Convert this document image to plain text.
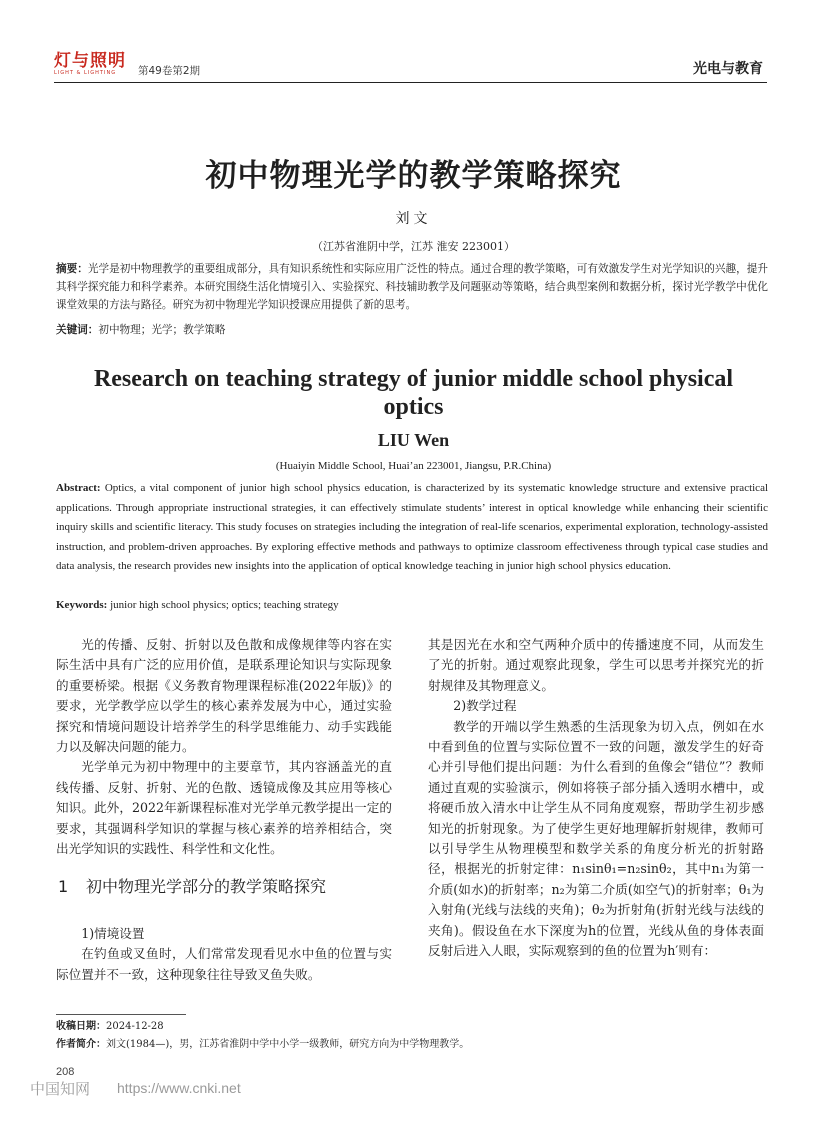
灯与照明
LIGHT & LIGHTING 第49卷第2期	光电与教育
初中物理光学的教学策略探究
刘文
（江苏省淮阴中学，江苏 淮安 223001）
摘要：光学是初中物理教学的重要组成部分，具有知识系统性和实际应用广泛性的特点。通过合理的教学策略，可有效激发学生对光学知识的兴趣，提升其科学探究能力和科学素养。本研究围绕生活化情境引入、实验探究、科技辅助教学及问题驱动等策略，结合典型案例和数据分析，探讨光学教学中优化课堂效果的方法与路径。研究为初中物理光学知识授课应用提供了新的思考。
关键词：初中物理；光学；教学策略
Research on teaching strategy of junior middle school physical optics
LIU Wen
(Huaiyin Middle School, Huai’an 223001, Jiangsu, P.R.China)
Abstract: Optics, a vital component of junior high school physics education, is characterized by its systematic knowledge structure and extensive practical applications. Through appropriate instructional strategies, it can effectively stimulate students’ interest in optical knowledge while enhancing their scientific inquiry skills and scientific literacy. This study focuses on strategies including the integration of real-life scenarios, experimental exploration, technology-assisted instruction, and problem-driven approaches. By exploring effective methods and pathways to optimize classroom effectiveness through typical case studies and data analysis, the research provides new insights into the application of optical knowledge teaching in junior high school physics education.
Keywords: junior high school physics; optics; teaching strategy

光的传播、反射、折射以及色散和成像规律等内容在实际生活中具有广泛的应用价值，是联系理论知识与实际现象的重要桥梁。根据《义务教育物理课程标准(2022年版)》的要求，光学教学应以学生的核心素养发展为中心，通过实验探究和情境问题设计培养学生的科学思维能力、动手实践能力以及解决问题的能力。

光学单元为初中物理中的主要章节，其内容涵盖光的直线传播、反射、折射、光的色散、透镜成像及其应用等核心知识。此外，2022年新课程标准对光学单元教学提出一定的要求，其强调科学知识的掌握与核心素养的培养相结合，突出光学知识的实践性、科学性和文化性。

1 初中物理光学部分的教学策略探究

1)情境设置

在钓鱼或叉鱼时，人们常常发现看见水中鱼的位置与实际位置并不一致，这种现象往往导致叉鱼失败。

其是因光在水和空气两种介质中的传播速度不同，从而发生了光的折射。通过观察此现象，学生可以思考并探究光的折射规律及其物理意义。

2)教学过程

教学的开端以学生熟悉的生活现象为切入点，例如在水中看到鱼的位置与实际位置不一致的问题，激发学生的好奇心并引导他们提出问题：为什么看到的鱼像会“错位”？教师通过直观的实验演示，例如将筷子部分插入透明水槽中，或将硬币放入清水中让学生从不同角度观察，帮助学生初步感知光的折射现象。为了使学生更好地理解折射规律，教师可以引导学生从物理模型和数学关系的角度分析光的折射路径，根据光的折射定律：n₁sinθ₁=n₂sinθ₂，其中n₁为第一介质(如水)的折射率；n₂为第二介质(如空气)的折射率；θ₁为入射角(光线与法线的夹角)；θ₂为折射角(折射光线与法线的夹角)。假设鱼在水下深度为h的位置，光线从鱼的身体表面反射后进入人眼，实际观察到的鱼的位置为h′则有：

收稿日期：2024-12-28
作者简介：刘文(1984—)，男，江苏省淮阴中学中小学一级教师，研究方向为中学物理教学。
208
中国知网 https://www.cnki.net
